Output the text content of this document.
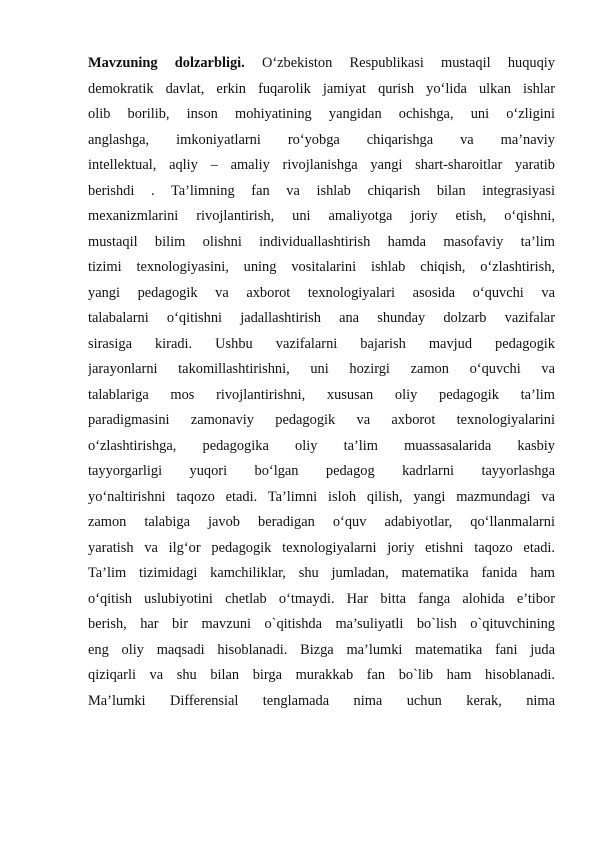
Mavzuning dolzarbligi. O‘zbekiston Respublikasi mustaqil huquqiy
demokratik davlat, erkin fuqarolik jamiyat qurish yo‘lida ulkan ishlar
olib borilib, inson mohiyatining yangidan ochishga, uni o‘zligini
anglashga, imkoniyatlarni ro‘yobga chiqarishga va ma’naviy
intellektual, aqliy – amaliy rivojlanishga yangi shart-sharoitlar yaratib
berishdi . Ta’limning fan va ishlab chiqarish bilan integrasiyasi
mexanizmlarini rivojlantirish, uni amaliyotga joriy etish, o‘qishni,
mustaqil bilim olishni individuallashtirish hamda masofaviy ta’lim
tizimi texnologiyasini, uning vositalarini ishlab chiqish, o‘zlashtirish,
yangi pedagogik va axborot texnologiyalari asosida o‘quvchi va
talabalarni o‘qitishni jadallashtirish ana shunday dolzarb vazifalar
sirasiga kiradi. Ushbu vazifalarni bajarish mavjud pedagogik
jarayonlarni takomillashtirishni, uni hozirgi zamon o‘quvchi va
talablariga mos rivojlantirishni, xususan oliy pedagogik ta’lim
paradigmasini zamonaviy pedagogik va axborot texnologiyalarini
o‘zlashtirishga, pedagogika oliy ta’lim muassasalarida kasbiy
tayyorgarligi yuqori bo‘lgan pedagog kadrlarni tayyorlashga
yo‘naltirishni taqozo etadi. Ta’limni isloh qilish, yangi mazmundagi va
zamon talabiga javob beradigan o‘quv adabiyotlar, qo‘llanmalarni
yaratish va ilg‘or pedagogik texnologiyalarni joriy etishni taqozo etadi.
Ta’lim tizimidagi kamchiliklar, shu jumladan, matematika fanida ham
o‘qitish uslubiyotini chetlab o‘tmaydi. Har bitta fanga alohida e’tibor
berish, har bir mavzuni o`qitishda ma’suliyatli bo`lish o`qituvchining
eng oliy maqsadi hisoblanadi. Bizga ma’lumki matematika fani juda
qiziqarli va shu bilan birga murakkab fan bo`lib ham hisoblanadi.
Ma’lumki Differensial tenglamada nima uchun kerak, nima
